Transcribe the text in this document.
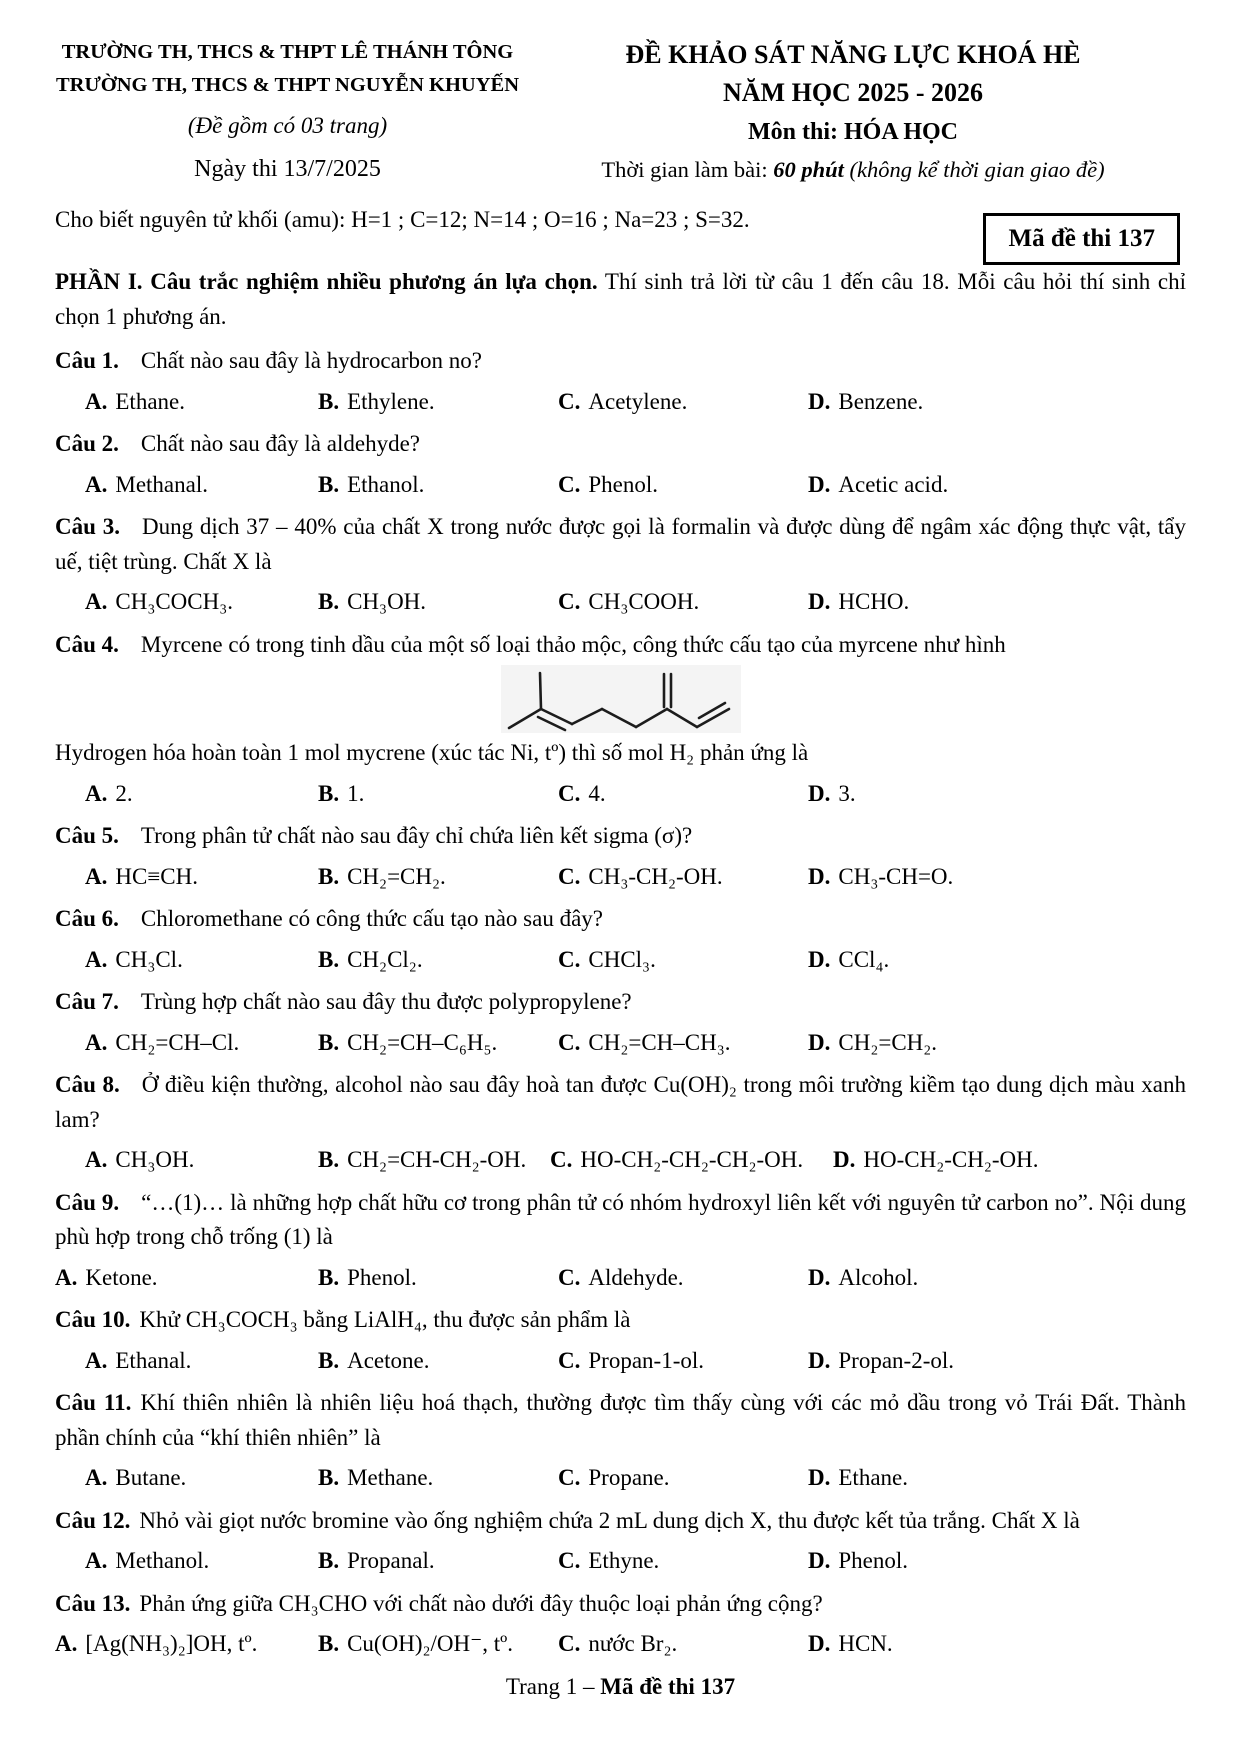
TRƯỜNG TH, THCS & THPT LÊ THÁNH TÔNG
TRƯỜNG TH, THCS & THPT NGUYỄN KHUYẾN
(Đề gồm có 03 trang)
Ngày thi 13/7/2025
ĐỀ KHẢO SÁT NĂNG LỰC KHOÁ HÈ
NĂM HỌC 2025 - 2026
Môn thi: HÓA HỌC
Thời gian làm bài: 60 phút (không kể thời gian giao đề)
Cho biết nguyên tử khối (amu): H=1 ; C=12; N=14 ; O=16 ; Na=23 ; S=32.
Mã đề thi 137

PHẦN I. Câu trắc nghiệm nhiều phương án lựa chọn. Thí sinh trả lời từ câu 1 đến câu 18. Mỗi câu hỏi thí sinh chỉ chọn 1 phương án.

Câu 1. Chất nào sau đây là hydrocarbon no?

A. Ethane.	B. Ethylene.	C. Acetylene.	D. Benzene.

Câu 2. Chất nào sau đây là aldehyde?

A. Methanal.	B. Ethanol.	C. Phenol.	D. Acetic acid.

Câu 3. Dung dịch 37 – 40% của chất X trong nước được gọi là formalin và được dùng để ngâm xác động thực vật, tẩy uế, tiệt trùng. Chất X là

A. CH₃COCH₃.	B. CH₃OH.	C. CH₃COOH.	D. HCHO.

Câu 4. Myrcene có trong tinh dầu của một số loại thảo mộc, công thức cấu tạo của myrcene như hình

Hydrogen hóa hoàn toàn 1 mol mycrene (xúc tác Ni, tº) thì số mol H₂ phản ứng là

A. 2.	B. 1.	C. 4.	D. 3.

Câu 5. Trong phân tử chất nào sau đây chỉ chứa liên kết sigma (σ)?

A. HC≡CH.	B. CH₂=CH₂.	C. CH₃-CH₂-OH.	D. CH₃-CH=O.

Câu 6. Chloromethane có công thức cấu tạo nào sau đây?

A. CH₃Cl.	B. CH₂Cl₂.	C. CHCl₃.	D. CCl₄.

Câu 7. Trùng hợp chất nào sau đây thu được polypropylene?

A. CH₂=CH–Cl.	B. CH₂=CH–C₆H₅.	C. CH₂=CH–CH₃.	D. CH₂=CH₂.

Câu 8. Ở điều kiện thường, alcohol nào sau đây hoà tan được Cu(OH)₂ trong môi trường kiềm tạo dung dịch màu xanh lam?

A. CH₃OH.	B. CH₂=CH-CH₂-OH.	C. HO-CH₂-CH₂-CH₂-OH.	D. HO-CH₂-CH₂-OH.

Câu 9. “…(1)… là những hợp chất hữu cơ trong phân tử có nhóm hydroxyl liên kết với nguyên tử carbon no”. Nội dung phù hợp trong chỗ trống (1) là

A. Ketone.	B. Phenol.	C. Aldehyde.	D. Alcohol.

Câu 10. Khử CH₃COCH₃ bằng LiAlH₄, thu được sản phẩm là

A. Ethanal.	B. Acetone.	C. Propan-1-ol.	D. Propan-2-ol.

Câu 11. Khí thiên nhiên là nhiên liệu hoá thạch, thường được tìm thấy cùng với các mỏ dầu trong vỏ Trái Đất. Thành phần chính của “khí thiên nhiên” là

A. Butane.	B. Methane.	C. Propane.	D. Ethane.

Câu 12. Nhỏ vài giọt nước bromine vào ống nghiệm chứa 2 mL dung dịch X, thu được kết tủa trắng. Chất X là

A. Methanol.	B. Propanal.	C. Ethyne.	D. Phenol.

Câu 13. Phản ứng giữa CH₃CHO với chất nào dưới đây thuộc loại phản ứng cộng?

A. [Ag(NH₃)₂]OH, tº.	B. Cu(OH)₂/OH⁻, tº.	C. nước Br₂.	D. HCN.
Trang 1 – Mã đề thi 137
